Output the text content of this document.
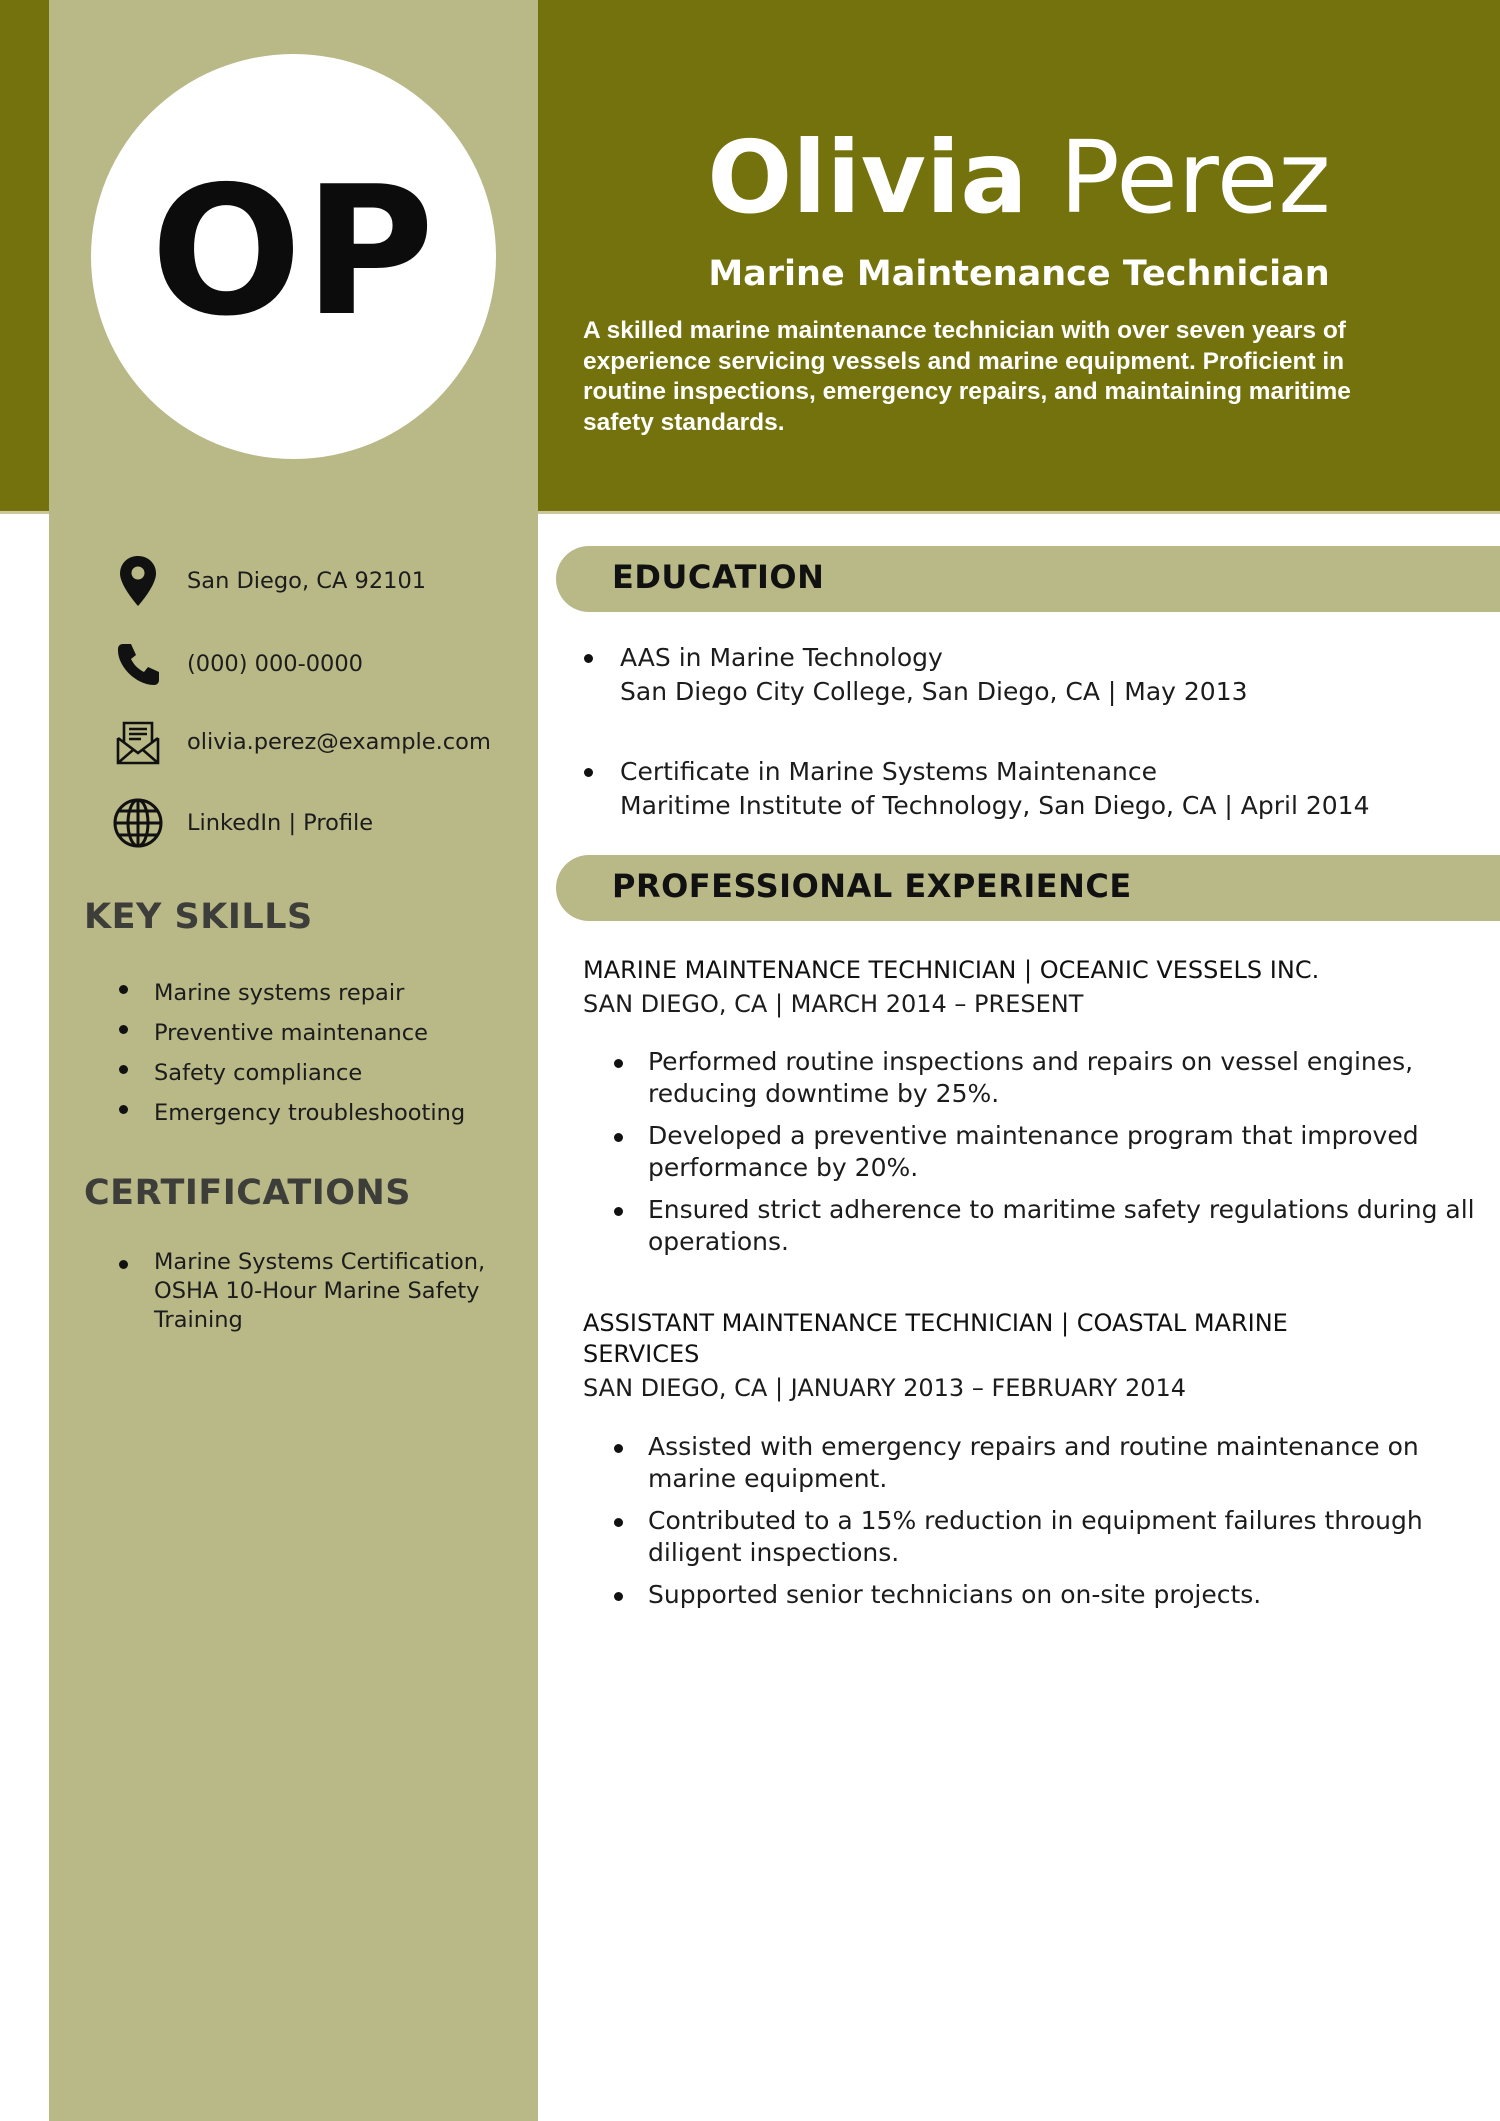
OP	Olivia Perez
Marine Maintenance Technician
A skilled marine maintenance technician with over seven years of experience servicing vessels and marine equipment. Proficient in routine inspections, emergency repairs, and maintaining maritime safety standards.
San Diego, CA 92101
(000) 000-0000
olivia.perez@example.com
LinkedIn | Profile
KEY SKILLS
Marine systems repair
Preventive maintenance
Safety compliance
Emergency troubleshooting
CERTIFICATIONS
Marine Systems Certification, OSHA 10-Hour Marine Safety Training
EDUCATION
AAS in Marine Technology
San Diego City College, San Diego, CA | May 2013
Certificate in Marine Systems Maintenance
Maritime Institute of Technology, San Diego, CA | April 2014
PROFESSIONAL EXPERIENCE
MARINE MAINTENANCE TECHNICIAN | OCEANIC VESSELS INC.
SAN DIEGO, CA | MARCH 2014 – PRESENT
Performed routine inspections and repairs on vessel engines, reducing downtime by 25%.
Developed a preventive maintenance program that improved performance by 20%.
Ensured strict adherence to maritime safety regulations during all operations.
ASSISTANT MAINTENANCE TECHNICIAN | COASTAL MARINE SERVICES
SAN DIEGO, CA | JANUARY 2013 – FEBRUARY 2014
Assisted with emergency repairs and routine maintenance on marine equipment.
Contributed to a 15% reduction in equipment failures through diligent inspections.
Supported senior technicians on on-site projects.
